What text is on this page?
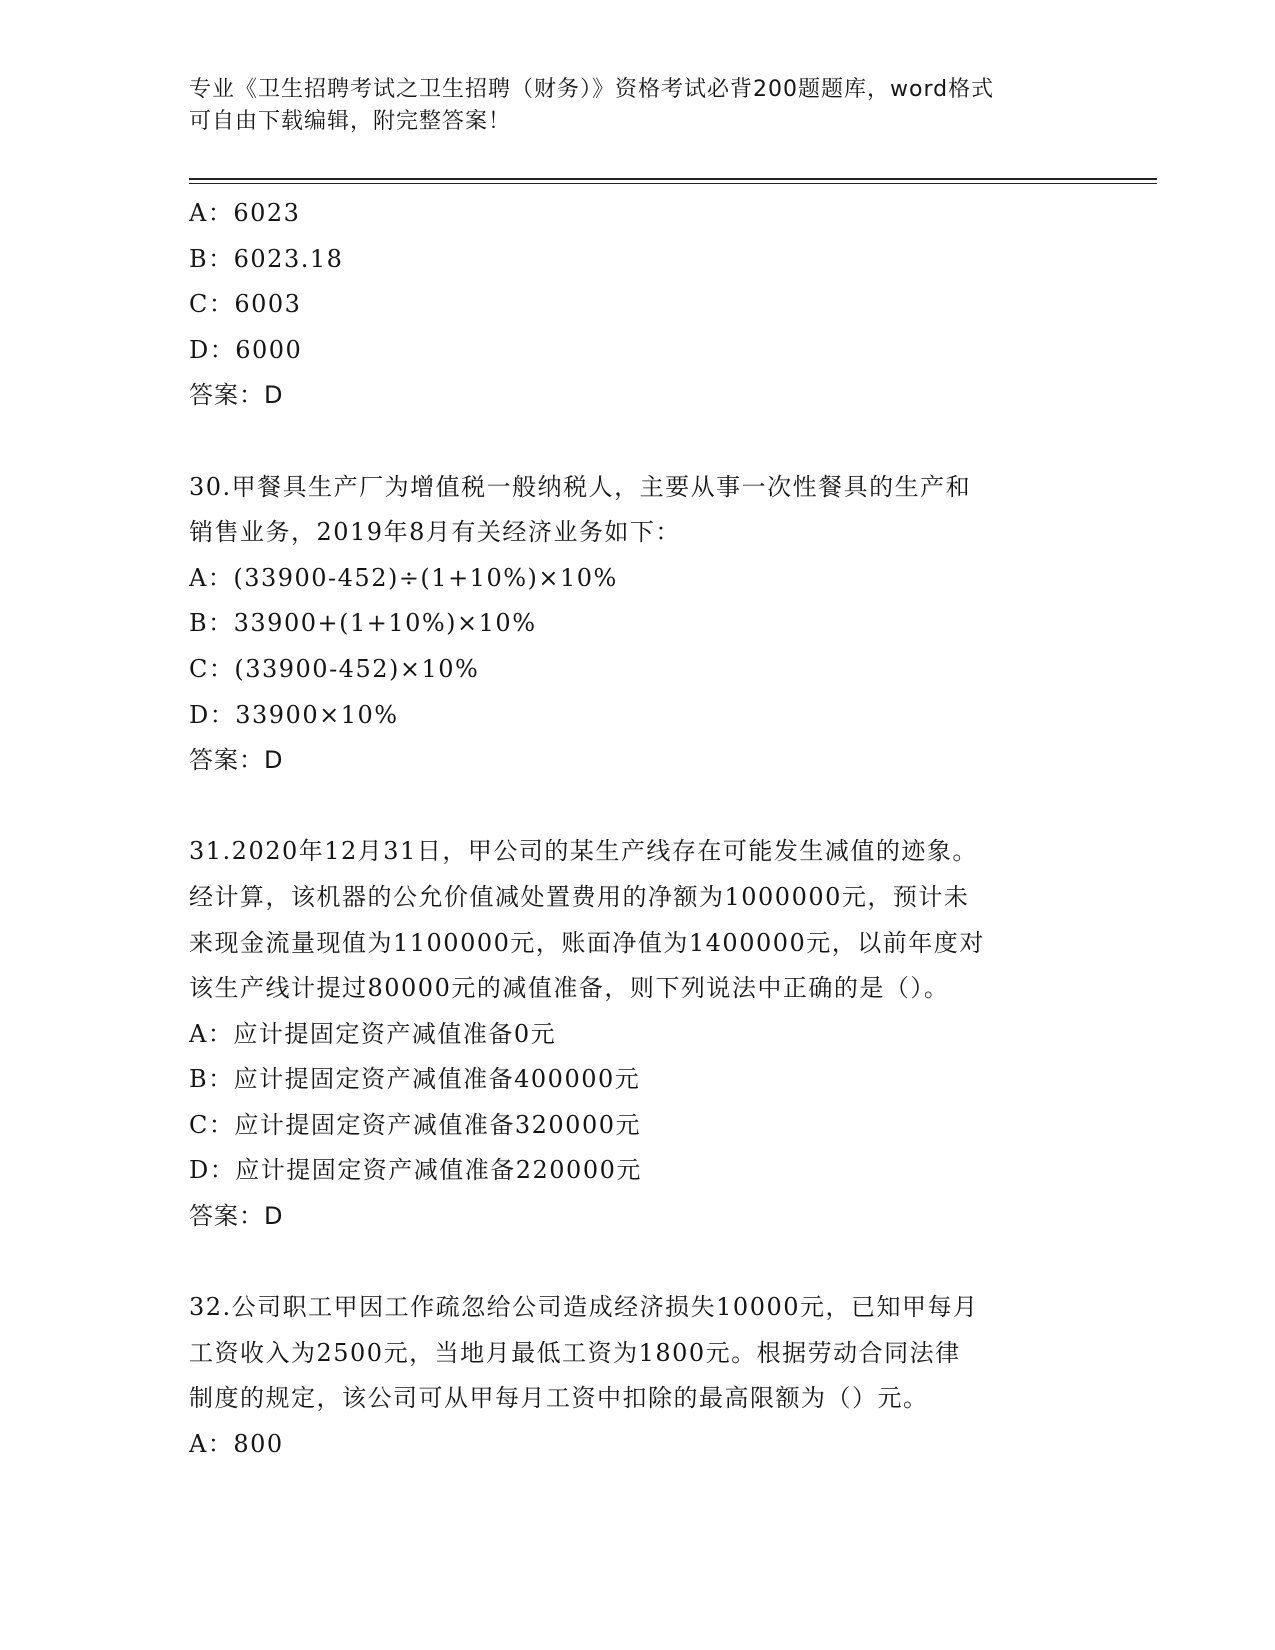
专业《卫生招聘考试之卫生招聘（财务）》资格考试必背200题题库，word格式
可自由下载编辑，附完整答案！
A：6023
B：6023.18
C：6003
D：6000
答案：D
30.甲餐具生产厂为增值税一般纳税人，主要从事一次性餐具的生产和
销售业务，2019年8月有关经济业务如下：
A：(33900-452)÷(1+10%)×10%
B：33900+(1+10%)×10%
C：(33900-452)×10%
D：33900×10%
答案：D
31.2020年12月31日，甲公司的某生产线存在可能发生减值的迹象。
经计算，该机器的公允价值减处置费用的净额为1000000元，预计未
来现金流量现值为1100000元，账面净值为1400000元，以前年度对
该生产线计提过80000元的减值准备，则下列说法中正确的是（）。
A：应计提固定资产减值准备0元
B：应计提固定资产减值准备400000元
C：应计提固定资产减值准备320000元
D：应计提固定资产减值准备220000元
答案：D
32.公司职工甲因工作疏忽给公司造成经济损失10000元，已知甲每月
工资收入为2500元，当地月最低工资为1800元。根据劳动合同法律
制度的规定，该公司可从甲每月工资中扣除的最高限额为（）元。
A：800
